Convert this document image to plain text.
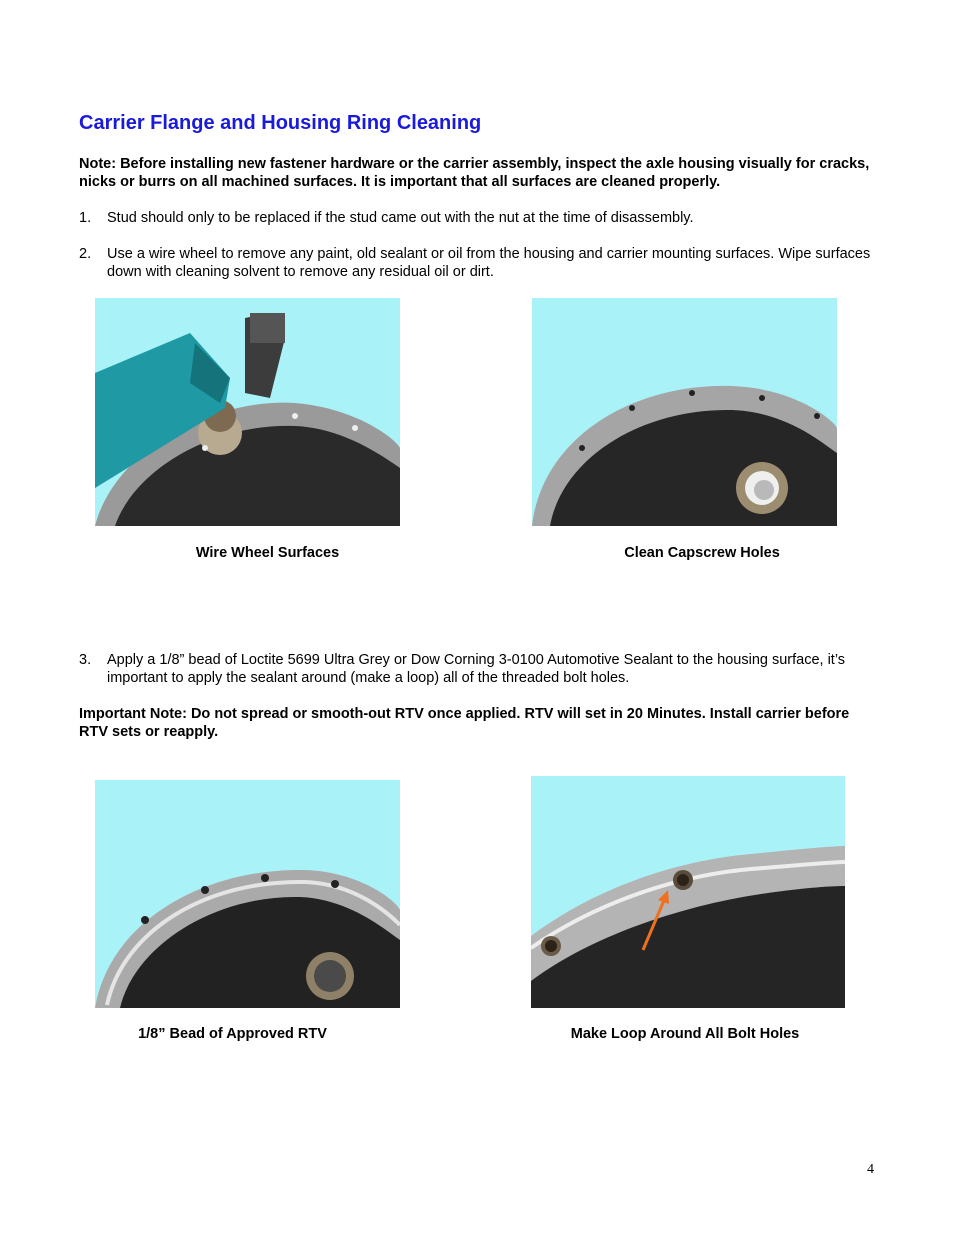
Carrier Flange and Housing Ring Cleaning

Note: Before installing new fastener hardware or the carrier assembly, inspect the axle housing visually for cracks, nicks or burrs on all machined surfaces. It is important that all surfaces are cleaned properly.

1.	Stud should only to be replaced if the stud came out with the nut at the time of disassembly.
2.	Use a wire wheel to remove any paint, old sealant or oil from the housing and carrier mounting surfaces. Wipe surfaces down with cleaning solvent to remove any residual oil or dirt.

Wire Wheel Surfaces	Clean Capscrew Holes

3.	Apply a 1/8” bead of Loctite 5699 Ultra Grey or Dow Corning 3-0100 Automotive Sealant to the housing surface, it’s important to apply the sealant around (make a loop) all of the threaded bolt holes.

Important Note: Do not spread or smooth-out RTV once applied. RTV will set in 20 Minutes. Install carrier before RTV sets or reapply.

1/8” Bead of Approved RTV	Make Loop Around All Bolt Holes

4
